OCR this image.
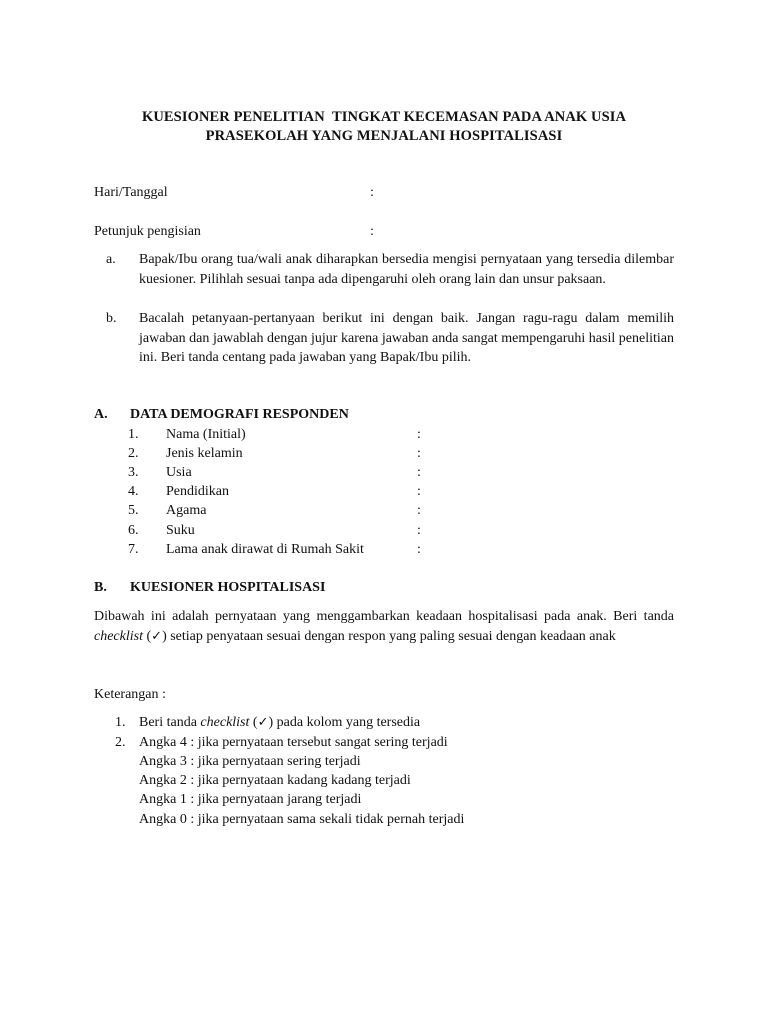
KUESIONER PENELITIAN  TINGKAT KECEMASAN PADA ANAK USIA
PRASEKOLAH YANG MENJALANI HOSPITALISASI
Hari/Tanggal	:
Petunjuk pengisian	:
a. Bapak/Ibu orang tua/wali anak diharapkan bersedia mengisi pernyataan yang tersedia dilembar kuesioner. Pilihlah sesuai tanpa ada dipengaruhi oleh orang lain dan unsur paksaan.
b. Bacalah petanyaan-pertanyaan berikut ini dengan baik. Jangan ragu-ragu dalam memilih jawaban dan jawablah dengan jujur karena jawaban anda sangat mempengaruhi hasil penelitian ini. Beri tanda centang pada jawaban yang Bapak/Ibu pilih.
A. DATA DEMOGRAFI RESPONDEN
1. Nama (Initial)	:
2. Jenis kelamin	:
3. Usia	:
4. Pendidikan	:
5. Agama	:
6. Suku	:
7. Lama anak dirawat di Rumah Sakit	:
B. KUESIONER HOSPITALISASI
Dibawah ini adalah pernyataan yang menggambarkan keadaan hospitalisasi pada anak. Beri tanda checklist (✓) setiap penyataan sesuai dengan respon yang paling sesuai dengan keadaan anak
Keterangan :
1. Beri tanda checklist (✓) pada kolom yang tersedia
2. Angka 4 : jika pernyataan tersebut sangat sering terjadi
Angka 3 : jika pernyataan sering terjadi
Angka 2 : jika pernyataan kadang kadang terjadi
Angka 1 : jika pernyataan jarang terjadi
Angka 0 : jika pernyataan sama sekali tidak pernah terjadi
